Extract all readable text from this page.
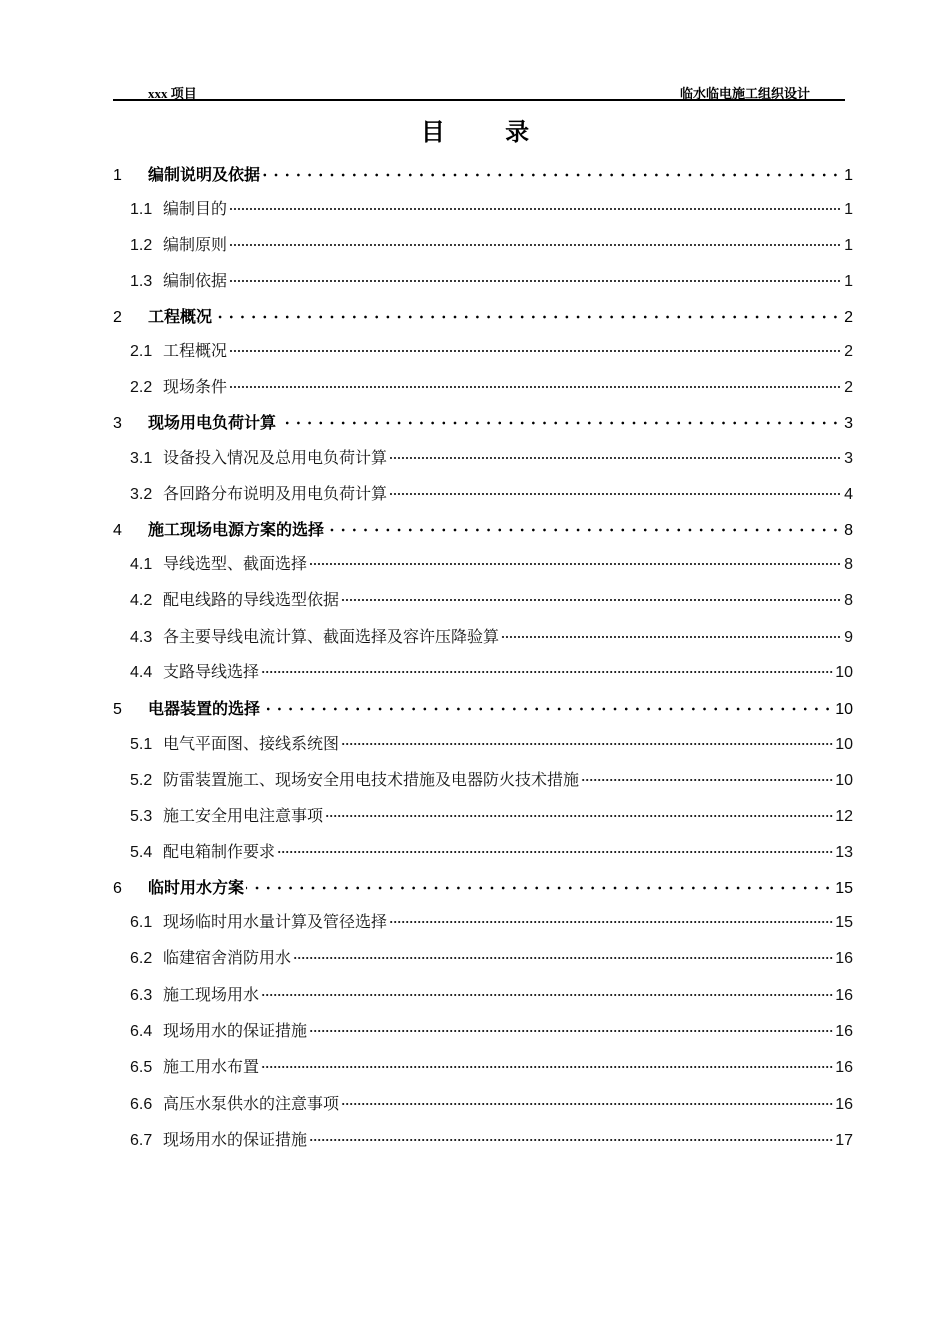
xxx 项目	临水临电施工组织设计
目 录
1	编制说明及依据	1
1.1 编制目的	1
1.2 编制原则	1
1.3 编制依据	1
2	工程概况	2
2.1 工程概况	2
2.2 现场条件	2
3	现场用电负荷计算	3
3.1 设备投入情况及总用电负荷计算	3
3.2 各回路分布说明及用电负荷计算	4
4	施工现场电源方案的选择	8
4.1 导线选型、截面选择	8
4.2 配电线路的导线选型依据	8
4.3 各主要导线电流计算、截面选择及容许压降验算	9
4.4 支路导线选择	10
5	电器装置的选择	10
5.1 电气平面图、接线系统图	10
5.2 防雷装置施工、现场安全用电技术措施及电器防火技术措施	10
5.3 施工安全用电注意事项	12
5.4 配电箱制作要求	13
6	临时用水方案	15
6.1 现场临时用水量计算及管径选择	15
6.2 临建宿舍消防用水	16
6.3 施工现场用水	16
6.4 现场用水的保证措施	16
6.5 施工用水布置	16
6.6 高压水泵供水的注意事项	16
6.7 现场用水的保证措施	17
